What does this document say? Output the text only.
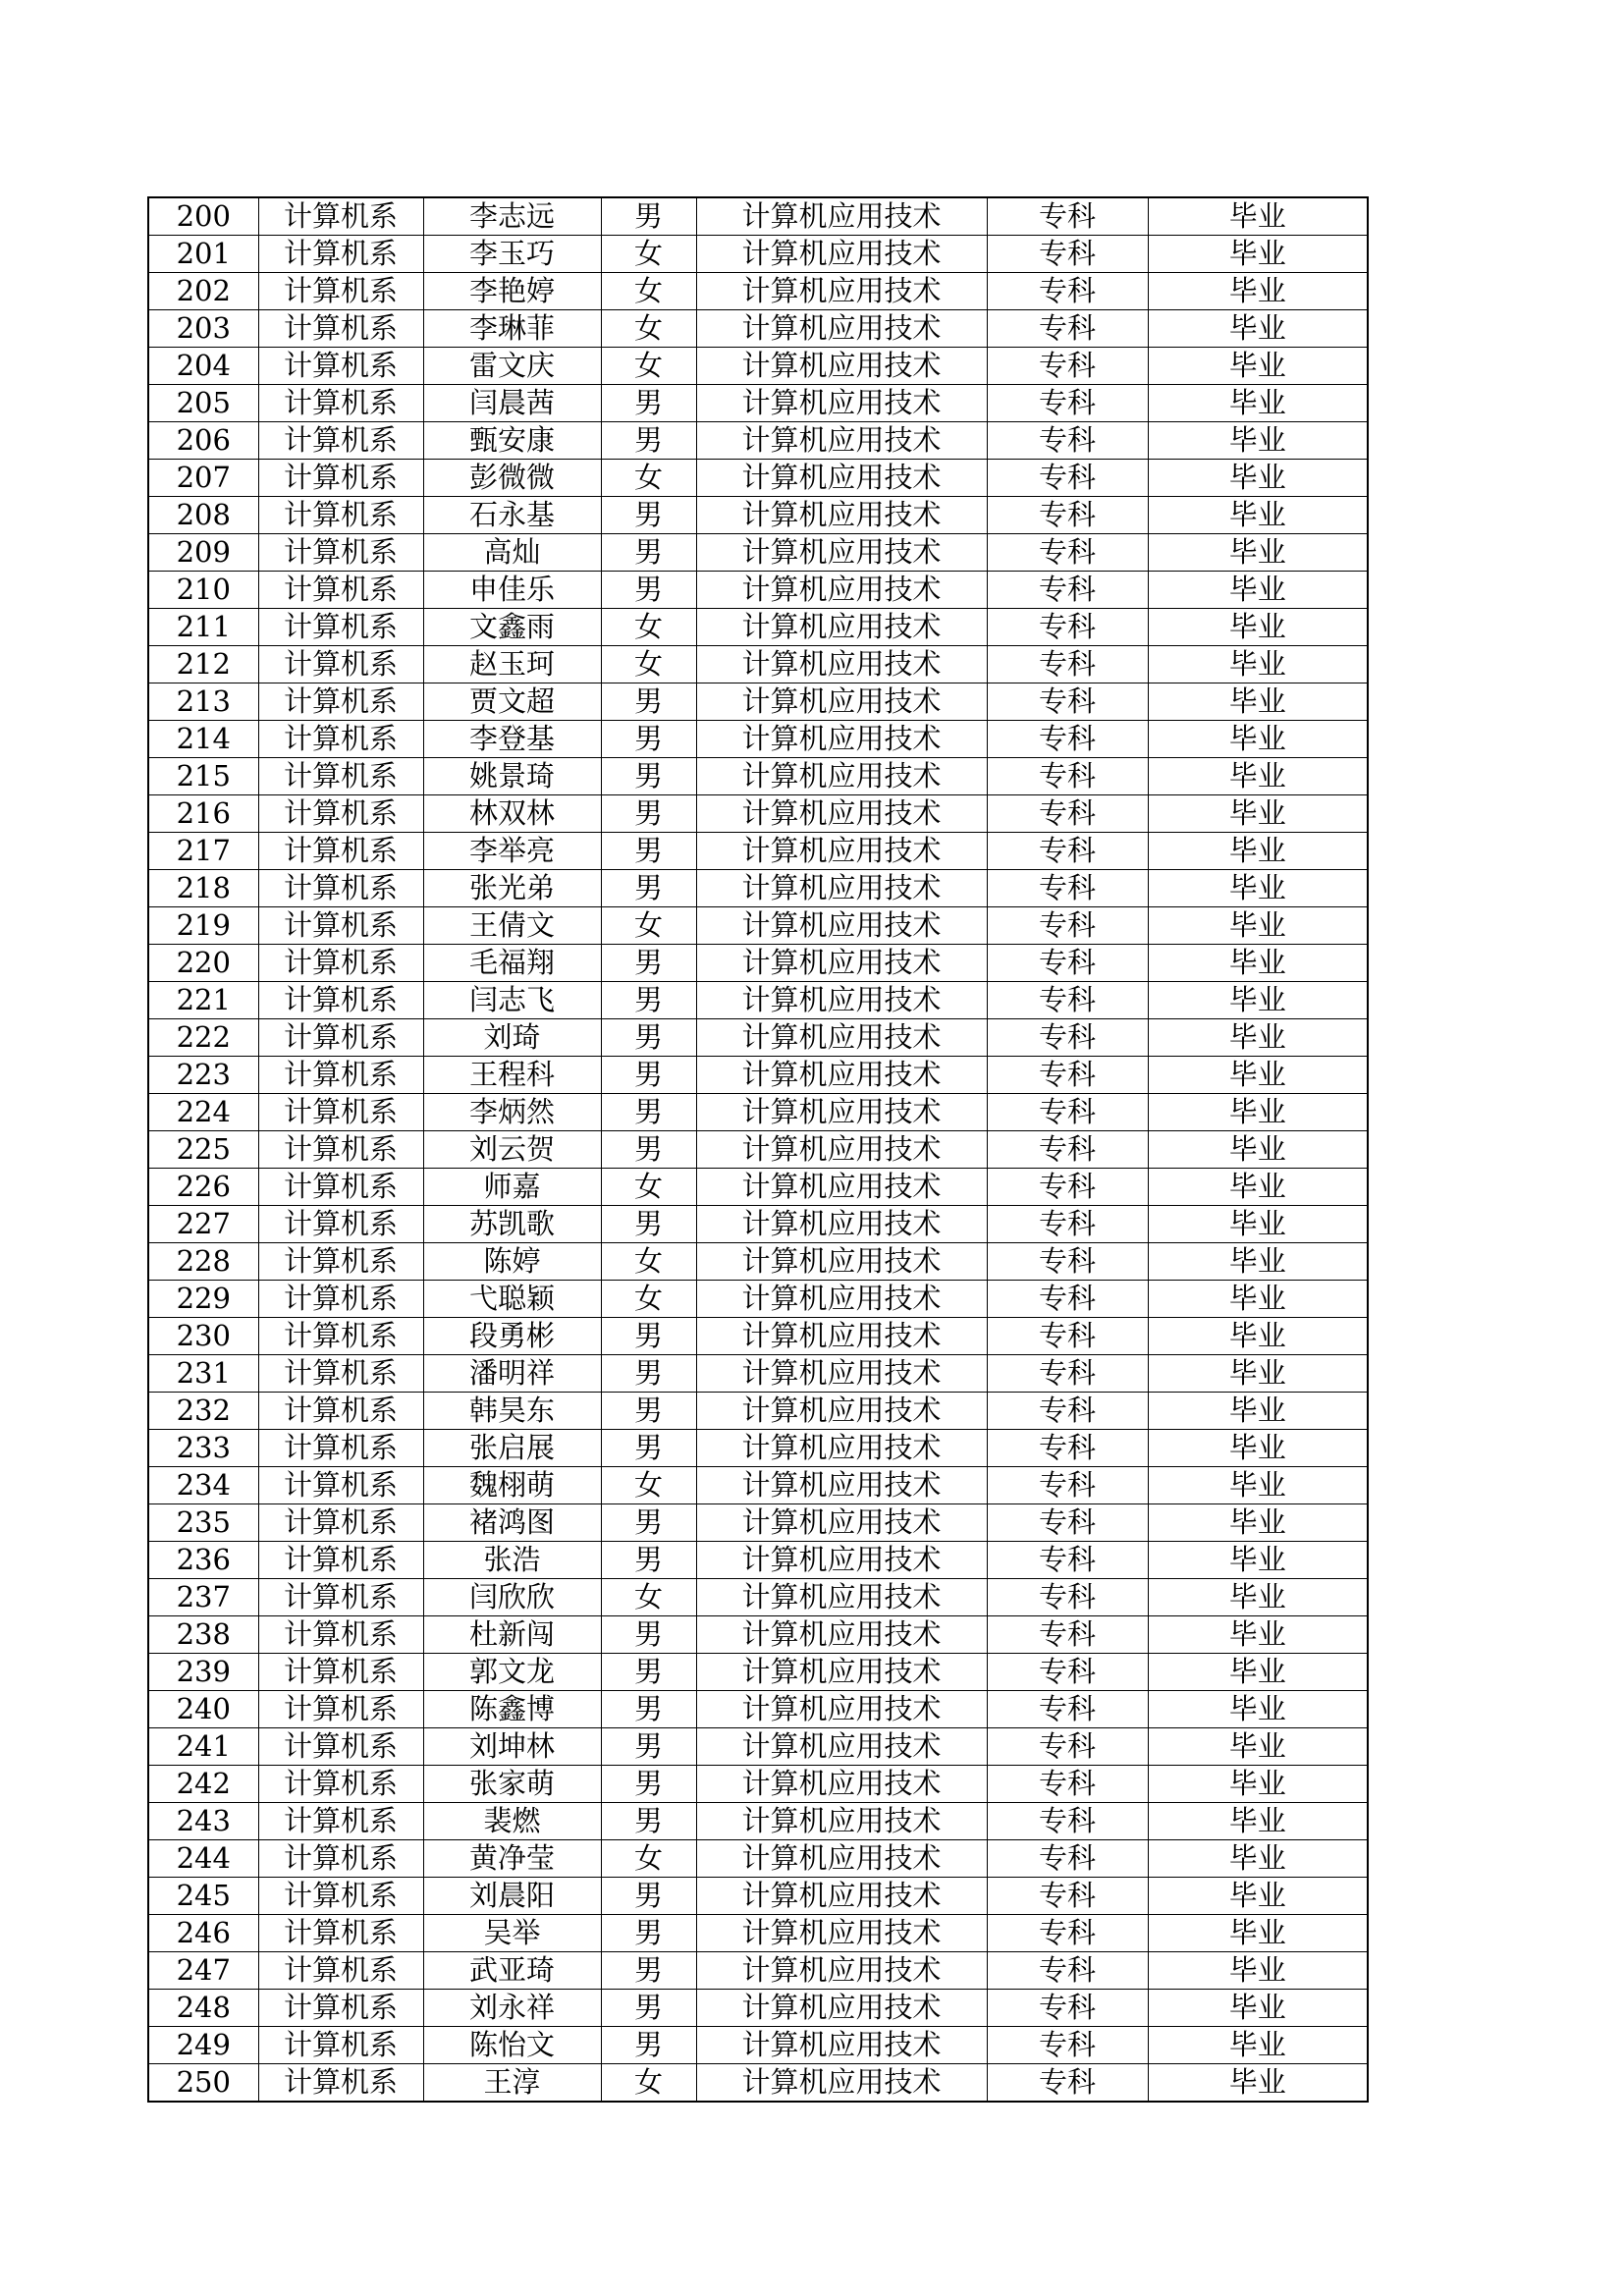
200	计算机系	李志远	男	计算机应用技术	专科	毕业
201	计算机系	李玉巧	女	计算机应用技术	专科	毕业
202	计算机系	李艳婷	女	计算机应用技术	专科	毕业
203	计算机系	李琳菲	女	计算机应用技术	专科	毕业
204	计算机系	雷文庆	女	计算机应用技术	专科	毕业
205	计算机系	闫晨茜	男	计算机应用技术	专科	毕业
206	计算机系	甄安康	男	计算机应用技术	专科	毕业
207	计算机系	彭微微	女	计算机应用技术	专科	毕业
208	计算机系	石永基	男	计算机应用技术	专科	毕业
209	计算机系	高灿	男	计算机应用技术	专科	毕业
210	计算机系	申佳乐	男	计算机应用技术	专科	毕业
211	计算机系	文鑫雨	女	计算机应用技术	专科	毕业
212	计算机系	赵玉珂	女	计算机应用技术	专科	毕业
213	计算机系	贾文超	男	计算机应用技术	专科	毕业
214	计算机系	李登基	男	计算机应用技术	专科	毕业
215	计算机系	姚景琦	男	计算机应用技术	专科	毕业
216	计算机系	林双林	男	计算机应用技术	专科	毕业
217	计算机系	李举亮	男	计算机应用技术	专科	毕业
218	计算机系	张光弟	男	计算机应用技术	专科	毕业
219	计算机系	王倩文	女	计算机应用技术	专科	毕业
220	计算机系	毛福翔	男	计算机应用技术	专科	毕业
221	计算机系	闫志飞	男	计算机应用技术	专科	毕业
222	计算机系	刘琦	男	计算机应用技术	专科	毕业
223	计算机系	王程科	男	计算机应用技术	专科	毕业
224	计算机系	李炳然	男	计算机应用技术	专科	毕业
225	计算机系	刘云贺	男	计算机应用技术	专科	毕业
226	计算机系	师嘉	女	计算机应用技术	专科	毕业
227	计算机系	苏凯歌	男	计算机应用技术	专科	毕业
228	计算机系	陈婷	女	计算机应用技术	专科	毕业
229	计算机系	弋聪颖	女	计算机应用技术	专科	毕业
230	计算机系	段勇彬	男	计算机应用技术	专科	毕业
231	计算机系	潘明祥	男	计算机应用技术	专科	毕业
232	计算机系	韩昊东	男	计算机应用技术	专科	毕业
233	计算机系	张启展	男	计算机应用技术	专科	毕业
234	计算机系	魏栩萌	女	计算机应用技术	专科	毕业
235	计算机系	褚鸿图	男	计算机应用技术	专科	毕业
236	计算机系	张浩	男	计算机应用技术	专科	毕业
237	计算机系	闫欣欣	女	计算机应用技术	专科	毕业
238	计算机系	杜新闯	男	计算机应用技术	专科	毕业
239	计算机系	郭文龙	男	计算机应用技术	专科	毕业
240	计算机系	陈鑫博	男	计算机应用技术	专科	毕业
241	计算机系	刘坤林	男	计算机应用技术	专科	毕业
242	计算机系	张家萌	男	计算机应用技术	专科	毕业
243	计算机系	裴燃	男	计算机应用技术	专科	毕业
244	计算机系	黄净莹	女	计算机应用技术	专科	毕业
245	计算机系	刘晨阳	男	计算机应用技术	专科	毕业
246	计算机系	吴举	男	计算机应用技术	专科	毕业
247	计算机系	武亚琦	男	计算机应用技术	专科	毕业
248	计算机系	刘永祥	男	计算机应用技术	专科	毕业
249	计算机系	陈怡文	男	计算机应用技术	专科	毕业
250	计算机系	王淳	女	计算机应用技术	专科	毕业
